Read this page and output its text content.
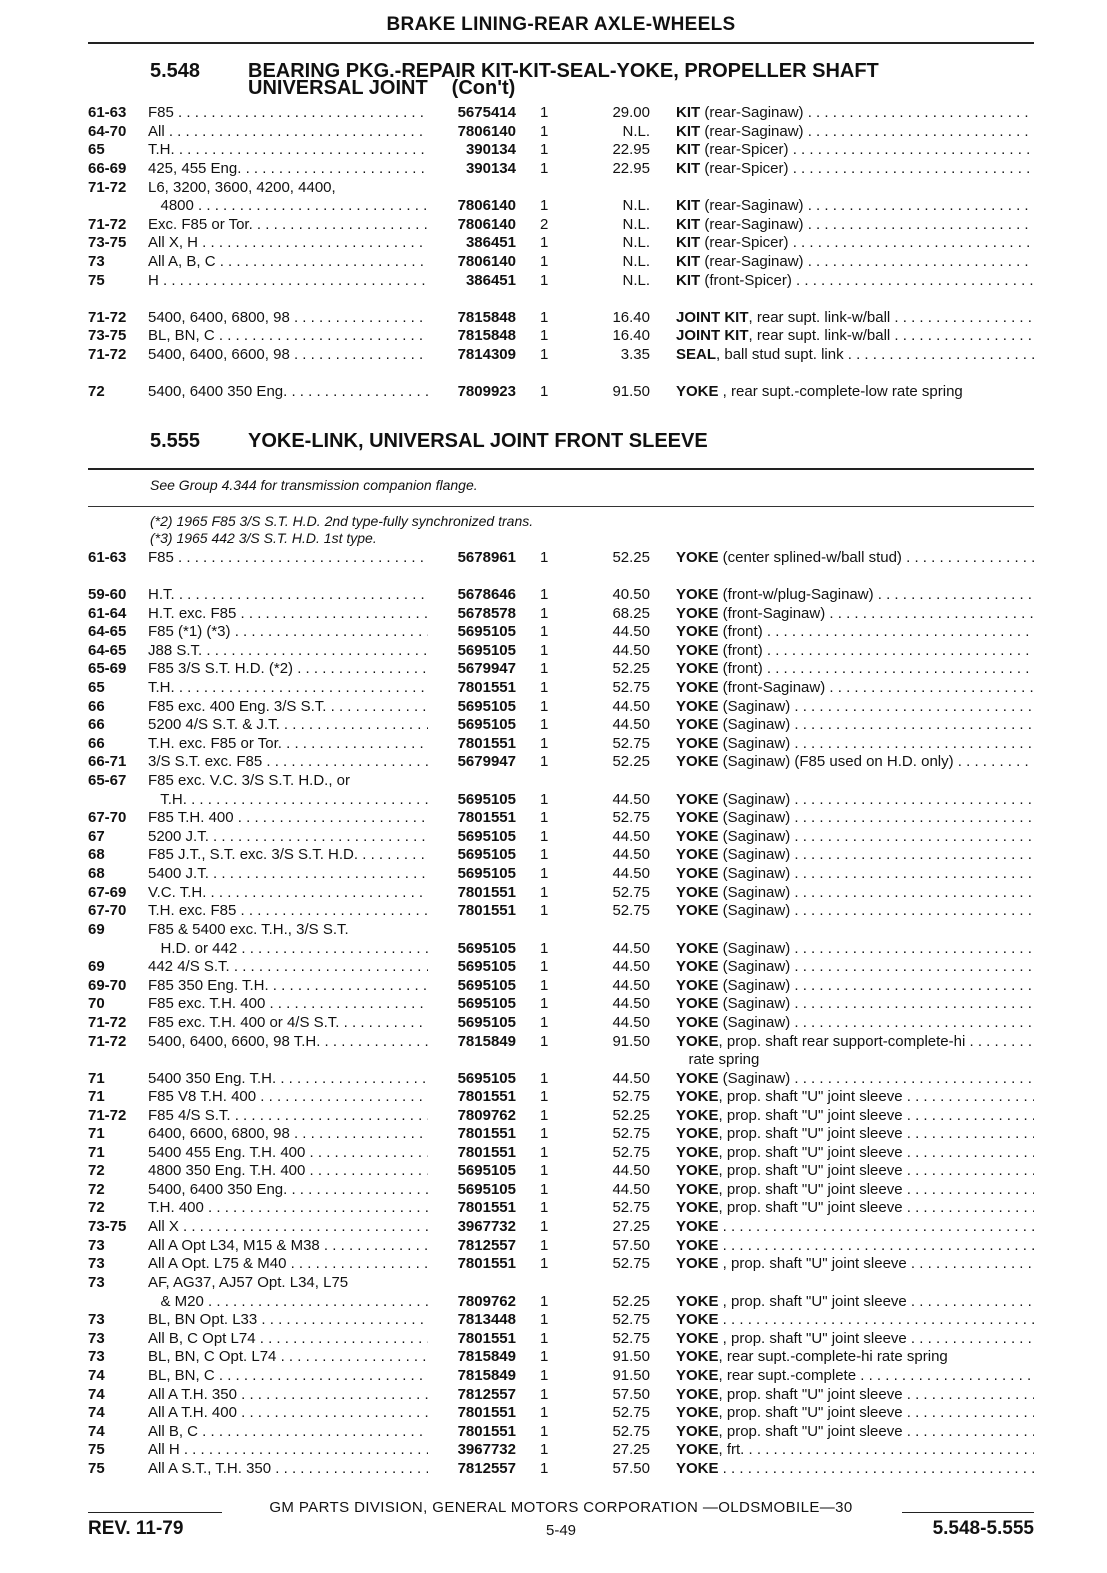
BRAKE LINING-REAR AXLE-WHEELS
5.548 BEARING PKG.-REPAIR KIT-KIT-SEAL-YOKE, PROPELLER SHAFT
UNIVERSAL JOINT (Con't)
61-63 F85 . . .	5675414 1	29.00 KIT (rear-Saginaw) . . .
64-70 All . . .	7806140 1	N.L. KIT (rear-Saginaw) . . .
65	T.H. . . .	390134 1	22.95 KIT (rear-Spicer) . . .
66-69 425, 455 Eng. . . .	390134 1	22.95 KIT (rear-Spicer) . . .
71-72 L6, 3200, 3600, 4200, 4400,
4800 . . .	7806140 1	N.L. KIT (rear-Saginaw) . . .
71-72 Exc. F85 or Tor. . . .	7806140 2	N.L. KIT (rear-Saginaw) . . .
73-75 All X, H . . .	386451 1	N.L. KIT (rear-Spicer) . . .
73	All A, B, C . . .	7806140 1	N.L. KIT (rear-Saginaw) . . .
75	H . . .	386451 1	N.L. KIT (front-Spicer) . . .
71-72 5400, 6400, 6800, 98 . . .	7815848 1	16.40 JOINT KIT, rear supt. link-w/ball . . .
73-75 BL, BN, C . . .	7815848 1	16.40 JOINT KIT, rear supt. link-w/ball . . .
71-72 5400, 6400, 6600, 98 . . .	7814309 1	3.35 SEAL, ball stud supt. link . . .
72	5400, 6400 350 Eng. . . .	7809923 1	91.50 YOKE , rear supt.-complete-low rate spring
5.555 YOKE-LINK, UNIVERSAL JOINT FRONT SLEEVE
See Group 4.344 for transmission companion flange.
(*2) 1965 F85 3/S S.T. H.D. 2nd type-fully synchronized trans.
(*3) 1965 442 3/S S.T. H.D. 1st type.
61-63 F85 . . .	5678961 1	52.25 YOKE (center splined-w/ball stud) . . .
59-60 H.T. . . .	5678646 1	40.50 YOKE (front-w/plug-Saginaw) . . .
61-64 H.T. exc. F85 . . .	5678578 1	68.25 YOKE (front-Saginaw) . . .
64-65 F85 (*1) (*3) . . .	5695105 1	44.50 YOKE (front) . . .
64-65 J88 S.T. . . .	5695105 1	44.50 YOKE (front) . . .
65-69 F85 3/S S.T. H.D. (*2) . . .	5679947 1	52.25 YOKE (front) . . .
65	T.H. . . .	7801551 1	52.75 YOKE (front-Saginaw) . . .
66	F85 exc. 400 Eng. 3/S S.T. . . .	5695105 1	44.50 YOKE (Saginaw) . . .
66	5200 4/S S.T. & J.T. . . .	5695105 1	44.50 YOKE (Saginaw) . . .
66	T.H. exc. F85 or Tor. . . .	7801551 1	52.75 YOKE (Saginaw) . . .
66-71 3/S S.T. exc. F85 . . .	5679947 1	52.25 YOKE (Saginaw) (F85 used on H.D. only) . . .
65-67 F85 exc. V.C. 3/S S.T. H.D., or
T.H. . . .	5695105 1	44.50 YOKE (Saginaw) . . .
67-70 F85 T.H. 400 . . .	7801551 1	52.75 YOKE (Saginaw) . . .
67	5200 J.T. . . .	5695105 1	44.50 YOKE (Saginaw) . . .
68	F85 J.T., S.T. exc. 3/S S.T. H.D. . . .	5695105 1	44.50 YOKE (Saginaw) . . .
68	5400 J.T. . . .	5695105 1	44.50 YOKE (Saginaw) . . .
67-69 V.C. T.H. . . .	7801551 1	52.75 YOKE (Saginaw) . . .
67-70 T.H. exc. F85 . . .	7801551 1	52.75 YOKE (Saginaw) . . .
69	F85 & 5400 exc. T.H., 3/S S.T.
H.D. or 442 . . .	5695105 1	44.50 YOKE (Saginaw) . . .
69	442 4/S S.T. . . .	5695105 1	44.50 YOKE (Saginaw) . . .
69-70 F85 350 Eng. T.H. . . .	5695105 1	44.50 YOKE (Saginaw) . . .
70	F85 exc. T.H. 400 . . .	5695105 1	44.50 YOKE (Saginaw) . . .
71-72 F85 exc. T.H. 400 or 4/S S.T. . . .	5695105 1	44.50 YOKE (Saginaw) . . .
71-72 5400, 6400, 6600, 98 T.H. . . .	7815849 1	91.50 YOKE, prop. shaft rear support-complete-hi . . .
rate spring
71	5400 350 Eng. T.H. . . .	5695105 1	44.50 YOKE (Saginaw) . . .
71	F85 V8 T.H. 400 . . .	7801551 1	52.75 YOKE, prop. shaft "U" joint sleeve . . .
71-72 F85 4/S S.T. . . .	7809762 1	52.25 YOKE, prop. shaft "U" joint sleeve . . .
71	6400, 6600, 6800, 98 . . .	7801551 1	52.75 YOKE, prop. shaft "U" joint sleeve . . .
71	5400 455 Eng. T.H. 400 . . .	7801551 1	52.75 YOKE, prop. shaft "U" joint sleeve . . .
72	4800 350 Eng. T.H. 400 . . .	5695105 1	44.50 YOKE, prop. shaft "U" joint sleeve . . .
72	5400, 6400 350 Eng. . . .	5695105 1	44.50 YOKE, prop. shaft "U" joint sleeve . . .
72	T.H. 400 . . .	7801551 1	52.75 YOKE, prop. shaft "U" joint sleeve . . .
73-75 All X . . .	3967732 1	27.25 YOKE . . .
73	All A Opt L34, M15 & M38 . . .	7812557 1	57.50 YOKE . . .
73	All A Opt. L75 & M40 . . .	7801551 1	52.75 YOKE , prop. shaft "U" joint sleeve . . .
73	AF, AG37, AJ57 Opt. L34, L75
& M20 . . .	7809762 1	52.25 YOKE , prop. shaft "U" joint sleeve . . .
73	BL, BN Opt. L33 . . .	7813448 1	52.75 YOKE . . .
73	All B, C Opt L74 . . .	7801551 1	52.75 YOKE , prop. shaft "U" joint sleeve . . .
73	BL, BN, C Opt. L74 . . .	7815849 1	91.50 YOKE, rear supt.-complete-hi rate spring
74	BL, BN, C . . .	7815849 1	91.50 YOKE, rear supt.-complete . . .
74	All A T.H. 350 . . .	7812557 1	57.50 YOKE, prop. shaft "U" joint sleeve . . .
74	All A T.H. 400 . . .	7801551 1	52.75 YOKE, prop. shaft "U" joint sleeve . . .
74	All B, C . . .	7801551 1	52.75 YOKE, prop. shaft "U" joint sleeve . . .
75	All H . . .	3967732 1	27.25 YOKE, frt. . . .
75	All A S.T., T.H. 350 . . .	7812557 1	57.50 YOKE . . .
GM PARTS DIVISION, GENERAL MOTORS CORPORATION —OLDSMOBILE—30
REV. 11-79	5-49	5.548-5.555
